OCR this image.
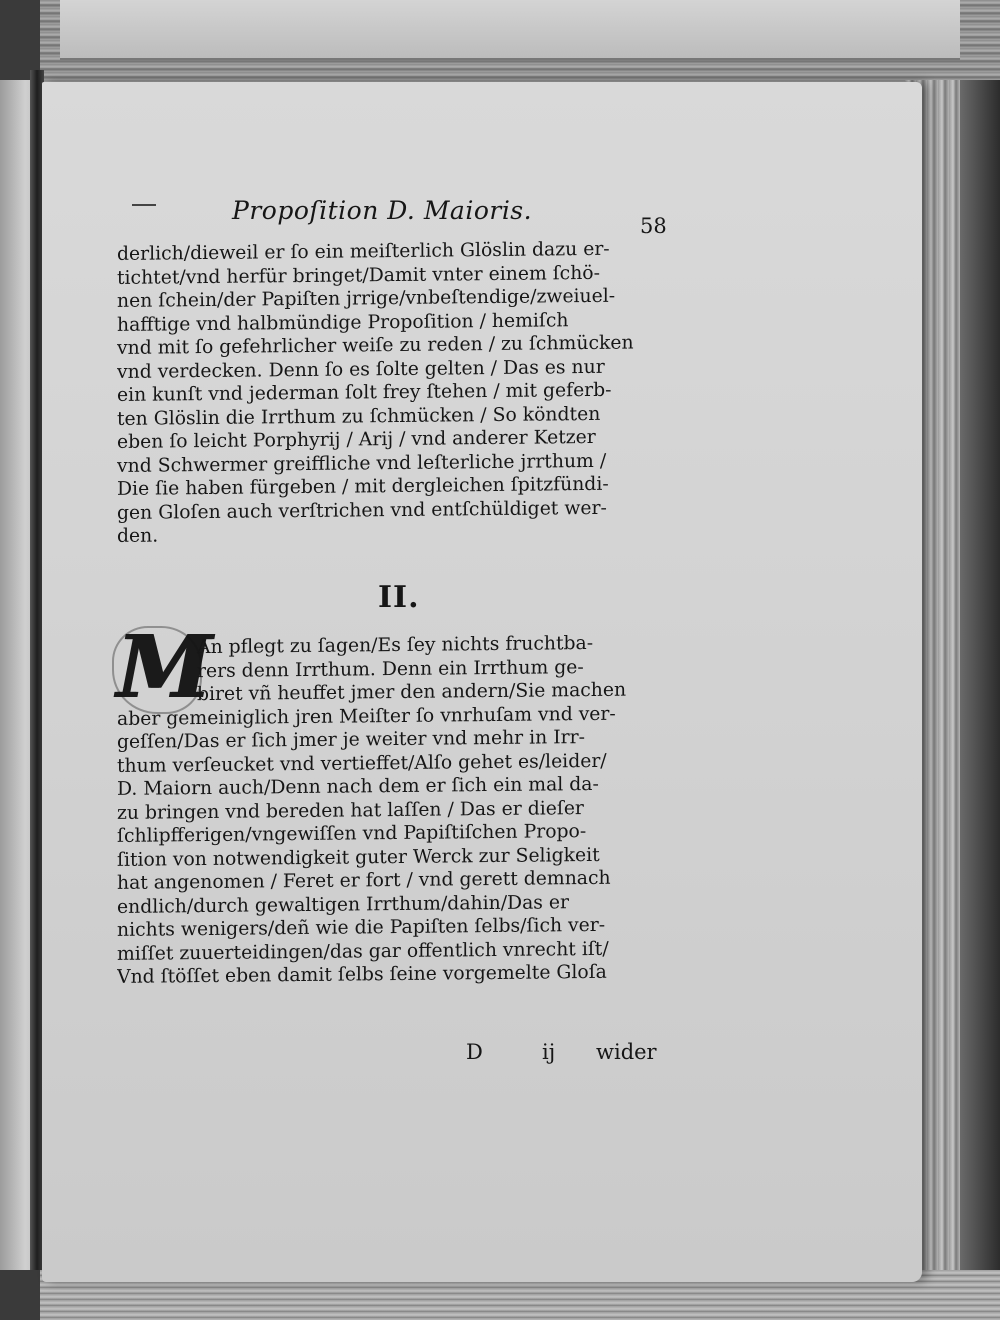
Propoſition D. Maioris.
58
derlich/dieweil er ſo ein meiſterlich Glöslin dazu er-
tichtet/vnd herfür bringet/Damit vnter einem ſchö-
nen ſchein/der Papiſten jrrige/vnbeſtendige/zweiuel-
hafftige vnd halbmündige Propoſition / hemiſch
vnd mit ſo gefehrlicher weiſe zu reden / zu ſchmücken
vnd verdecken. Denn ſo es ſolte gelten / Das es nur
ein kunſt vnd jederman ſolt frey ſtehen / mit geferb-
ten Glöslin die Irrthum zu ſchmücken / So köndten
eben ſo leicht Porphyrij / Arij / vnd anderer Ketzer
vnd Schwermer greiffliche vnd leſterliche jrrthum /
Die ſie haben fürgeben / mit dergleichen ſpitzfündi-
gen Gloſen auch verſtrichen vnd entſchüldiget wer-
den.
II.
M
An pflegt zu ſagen/Es ſey nichts fruchtba-
rers denn Irrthum. Denn ein Irrthum ge-
biret vñ heuffet jmer den andern/Sie machen
aber gemeiniglich jren Meiſter ſo vnrhuſam vnd ver-
geſſen/Das er ſich jmer je weiter vnd mehr in Irr-
thum verſeucket vnd vertieffet/Alſo gehet es/leider/
D. Maiorn auch/Denn nach dem er ſich ein mal da-
zu bringen vnd bereden hat laſſen / Das er dieſer
ſchlipfferigen/vngewiſſen vnd Papiſtiſchen Propo-
ſition von notwendigkeit guter Werck zur Seligkeit
hat angenomen / Feret er fort / vnd gerett demnach
endlich/durch gewaltigen Irrthum/dahin/Das er
nichts wenigers/deñ wie die Papiſten ſelbs/ſich ver-
miſſet zuuerteidingen/das gar offentlich vnrecht iſt/
Vnd ſtöſſet eben damit ſelbs ſeine vorgemelte Gloſa
D	ij wider
